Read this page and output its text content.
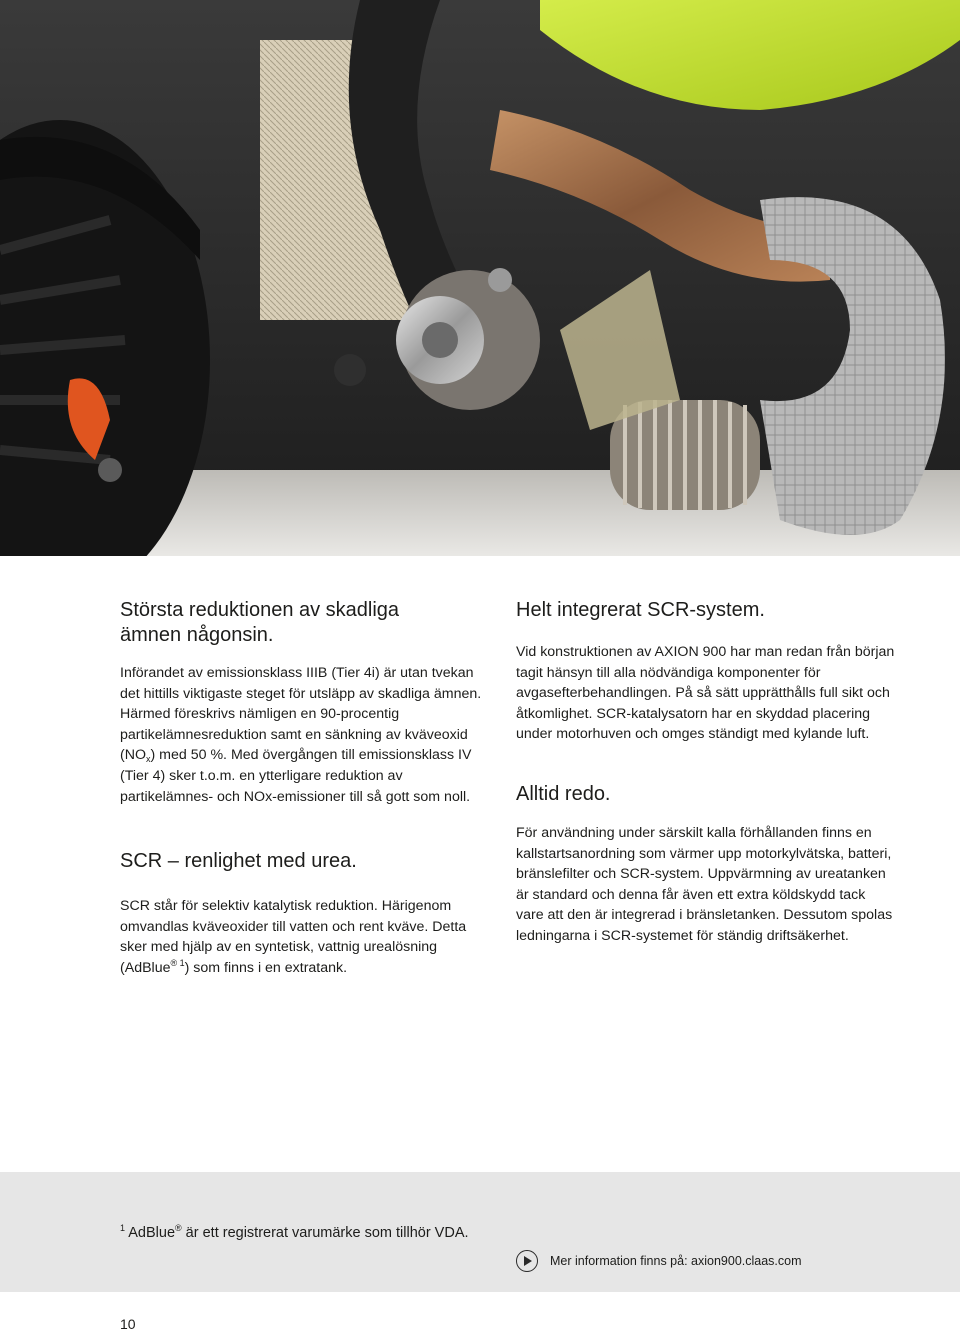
Största reduktionen av skadliga
ämnen någonsin.

Införandet av emissionsklass IIIB (Tier 4i) är utan tvekan det hittills viktigaste steget för utsläpp av skadliga ämnen. Härmed föreskrivs nämligen en 90-procentig partikelämnesreduktion samt en sänkning av kväveoxid $(NO_x)$ med 50 %. Med övergången till emissionsklass IV (Tier 4) sker t.o.m. en ytterligare reduktion av partikelämnes- och NOx-emissioner till så gott som noll.

SCR – renlighet med urea.

SCR står för selektiv katalytisk reduktion. Härigenom omvandlas kväveoxider till vatten och rent kväve. Detta sker med hjälp av en syntetisk, vattnig urealösning (AdBlue$^{® 1}$) som finns i en extratank.

Helt integrerat SCR-system.

Vid konstruktionen av AXION 900 har man redan från början tagit hänsyn till alla nödvändiga komponenter för avgasefterbehandlingen. På så sätt upprätthålls full sikt och åtkomlighet. SCR-katalysatorn har en skyddad placering under motorhuven och omges ständigt med kylande luft.

Alltid redo.

För användning under särskilt kalla förhållanden finns en kallstartsanordning som värmer upp motorkylvätska, batteri, bränslefilter och SCR-system. Uppvärmning av ureatanken är standard och denna får även ett extra köldskydd tack vare att den är integrerad i bränsletanken. Dessutom spolas ledningarna i SCR-systemet för ständig driftsäkerhet.

$^1$ AdBlue® är ett registrerat varumärke som tillhör VDA.
Mer information finns på: axion900.claas.com
10
